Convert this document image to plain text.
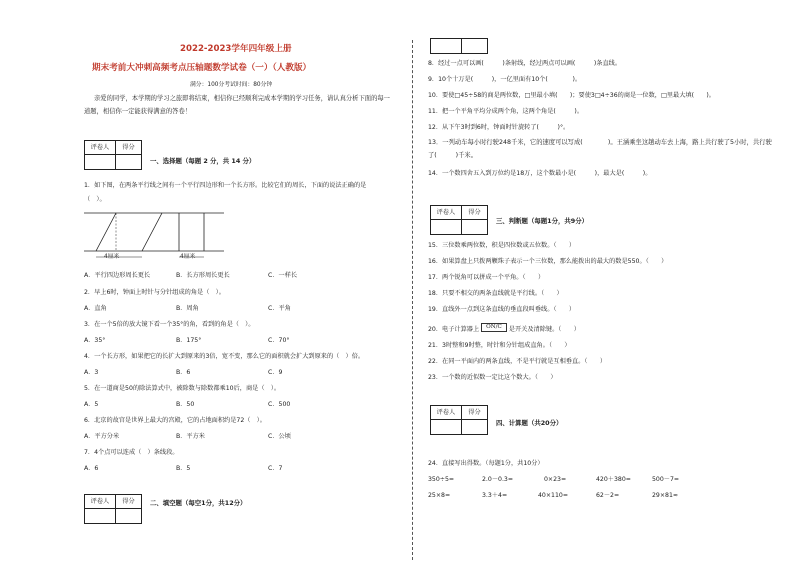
2022-2023学年四年级上册
期末考前大冲刺高频考点压轴题数学试卷（一）（人教版）
满分：100分考试时间：80分钟
亲爱的同学，本学期的学习之旅即将结束，相信你已经顺利完成本学期的学习任务，请认真分析下面的每一道题，相信你一定能获得满意的答卷！
评卷人	得分
一、选择题（每题 2 分，共 14 分）
1．如下图，在两条平行线之间有一个平行四边形和一个长方形。比较它们的周长，下面的说法正确的是
（　）。
4厘米	4厘米
A．平行四边形周长更长	B．长方形周长更长	C．一样长
2．早上6时，钟面上时针与分针组成的角是（　）。
A．直角	B．周角	C．平角
3．在一个5倍的放大镜下看一个35°的角，看到的角是（　）。
A．35°	B．175°	C．70°
4．一个长方形，如果把它的长扩大到原来的3倍，宽不变，那么它的面积就会扩大到原来的（　）倍。
A．3	B．6	C．9
5．在一道商是50的除法算式中，被除数与除数都乘10后，商是（　）。
A．5	B．50	C．500
6．北京的故宫是世界上最大的宫殿，它的占地面积约是72（　）。
A．平方分米	B．平方米	C．公顷
7．4个点可以连成（　）条线段。
A．6	B．5	C．7
评卷人	得分	二、填空题（每空1分，共12分）
8．经过一点可以画(　　　)条射线，经过两点可以画(　　　)条直线。
9．10个十万是(　　　)，一亿里面有10个(　　　　)。
10．要使□45÷58的商是两位数，□里最小填(　　)；要使3□4÷36的商是一位数，□里最大填(　　)。
11．把一个平角平均分成两个角，这两个角是(　　　)。
12．从下午3时到6时，钟面时针旋转了(　　　)°。
13．一列动车每小时行驶248千米，它的速度可以写成(　　　　)。王涵乘坐这趟动车去上海，路上共行驶了5小时，共行驶了(　　　)千米。
14．一个数四舍五入到万位约是18万，这个数最小是(　　　)，最大是(　　　)。
评卷人	得分
三、判断题（每题1分，共9分）
15．三位数乘两位数，积是四位数或五位数。（　　）
16．如果算盘上只拨两颗珠子表示一个三位数，那么能拨出的最大的数是550。（　　）
17．两个锐角可以拼成一个平角。（　　）
18．只要不相交的两条直线就是平行线。（　　）
19．直线外一点到这条直线的垂直段叫垂线。（　　）
20．电子计算器上 ON/C 是开关及清除键。（　　）
21．3时整和9时整，时针和分针组成直角。（　　）
22．在同一平面内的两条直线，不是平行就是互相垂直。（　　）
23．一个数的近似数一定比这个数大。（　　）
评卷人	得分
四、计算题（共20分）
24．直接写出得数。（每题1分，共10分）
350÷5=	2.0－0.3=	0×23=	420＋380=	500－7=
25×8=	3.3＋4=	40×110=	62－2=	29×81≈
